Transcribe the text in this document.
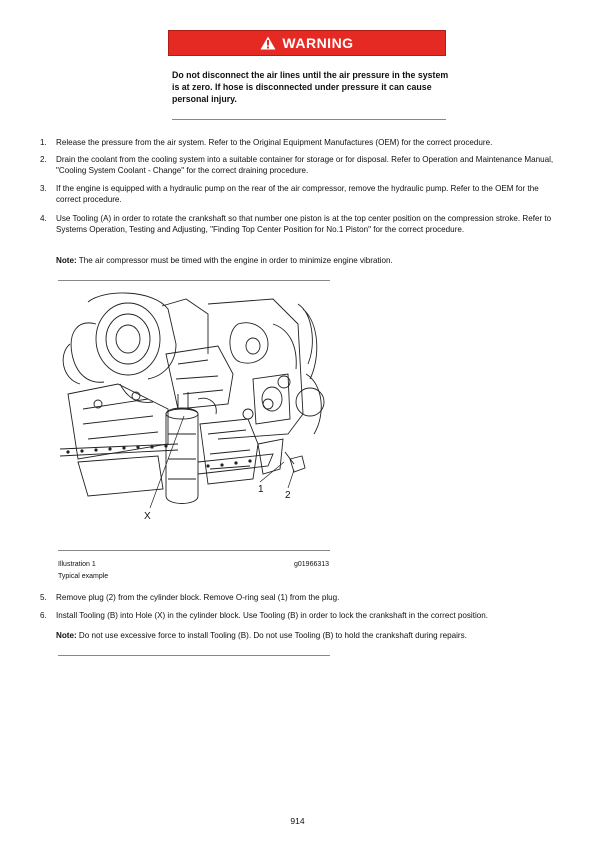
WARNING
Do not disconnect the air lines until the air pressure in the system is at zero. If hose is disconnected under pressure it can cause personal injury.
1. Release the pressure from the air system. Refer to the Original Equipment Manufactures (OEM) for the correct procedure.
2. Drain the coolant from the cooling system into a suitable container for storage or for disposal. Refer to Operation and Maintenance Manual, "Cooling System Coolant - Change" for the correct draining procedure.
3. If the engine is equipped with a hydraulic pump on the rear of the air compressor, remove the hydraulic pump. Refer to the OEM for the correct procedure.
4. Use Tooling (A) in order to rotate the crankshaft so that number one piston is at the top center position on the compression stroke. Refer to Systems Operation, Testing and Adjusting, "Finding Top Center Position for No.1 Piston" for the correct procedure.
Note: The air compressor must be timed with the engine in order to minimize engine vibration.
1
2
X
Illustration 1	g01966313
Typical example
5. Remove plug (2) from the cylinder block. Remove O-ring seal (1) from the plug.
6. Install Tooling (B) into Hole (X) in the cylinder block. Use Tooling (B) in order to lock the crankshaft in the correct position.
Note: Do not use excessive force to install Tooling (B). Do not use Tooling (B) to hold the crankshaft during repairs.
914
